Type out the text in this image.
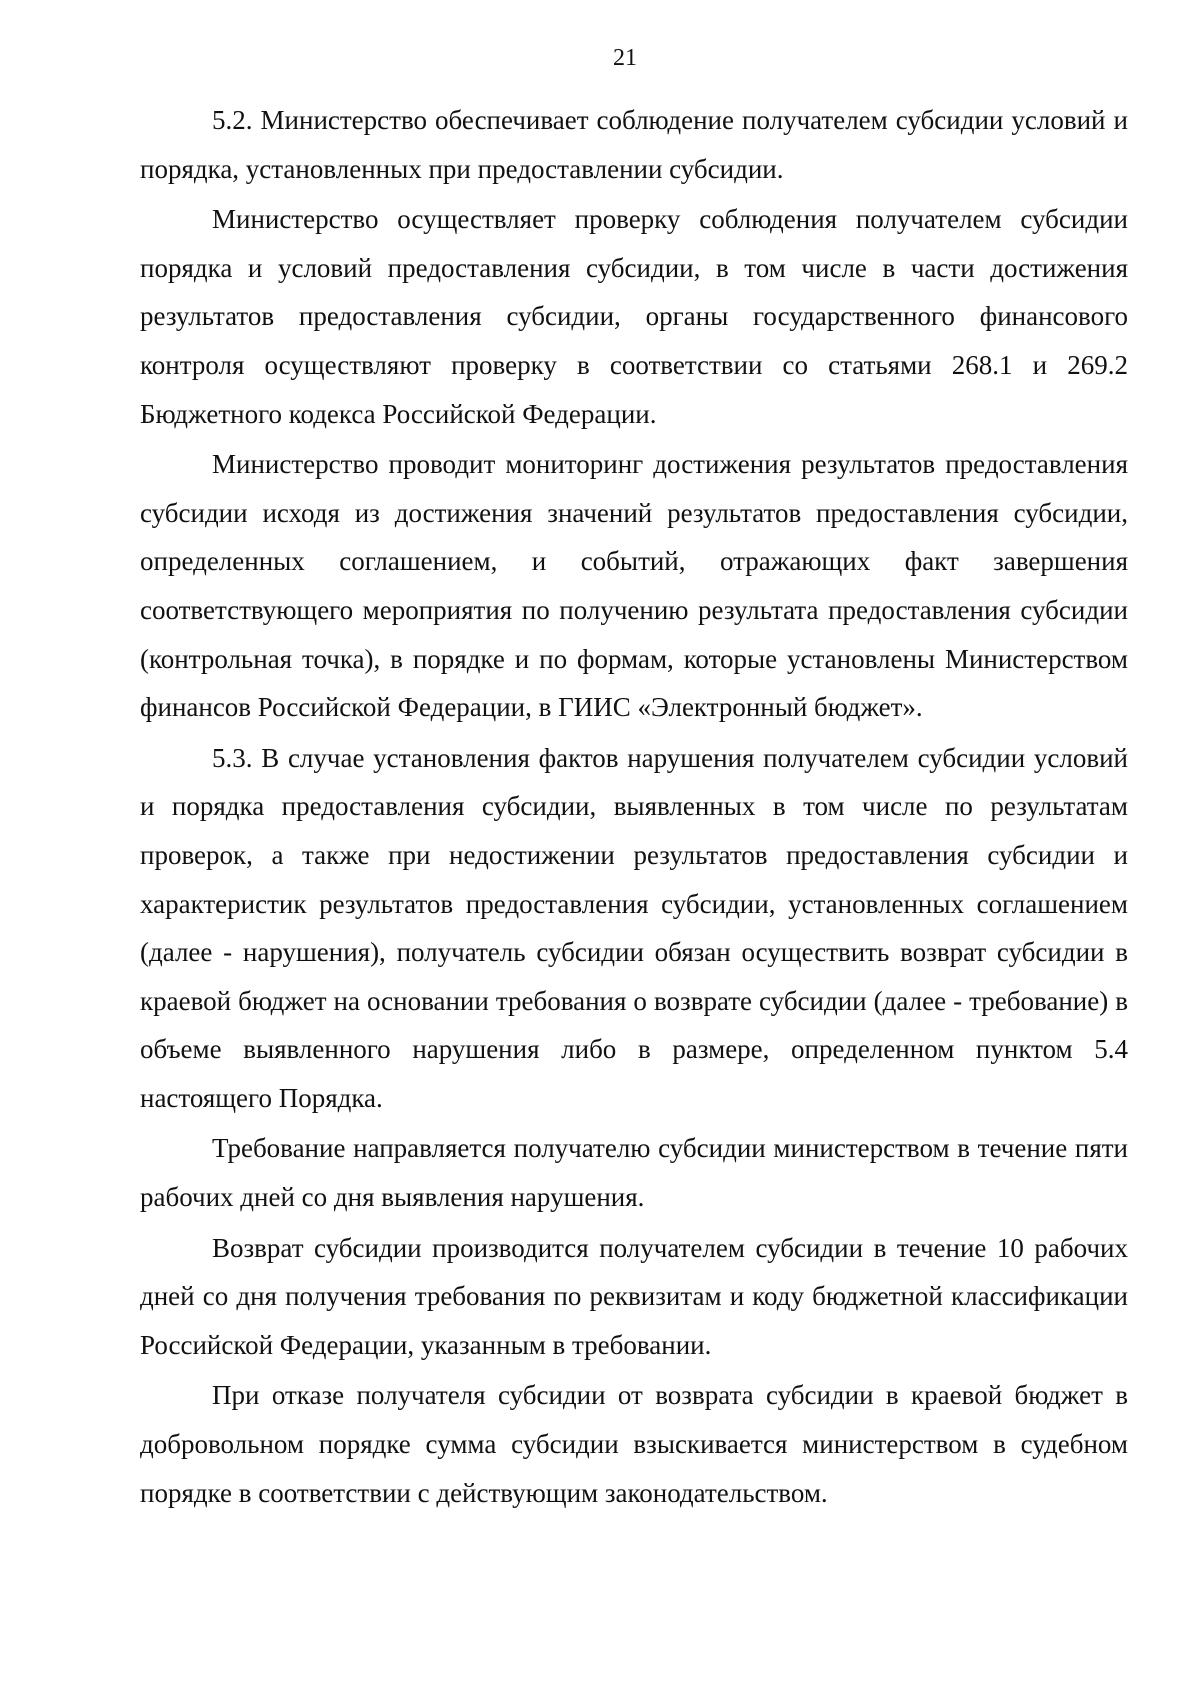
21

5.2. Министерство обеспечивает соблюдение получателем субсидии условий и порядка, установленных при предоставлении субсидии.

Министерство осуществляет проверку соблюдения получателем субсидии порядка и условий предоставления субсидии, в том числе в части достижения результатов предоставления субсидии, органы государственного финансового контроля осуществляют проверку в соответствии со статьями 268.1 и 269.2 Бюджетного кодекса Российской Федерации.

Министерство проводит мониторинг достижения результатов предоставления субсидии исходя из достижения значений результатов предоставления субсидии, определенных соглашением, и событий, отражающих факт завершения соответствующего мероприятия по получению результата предоставления субсидии (контрольная точка), в порядке и по формам, которые установлены Министерством финансов Российской Федерации, в ГИИС «Электронный бюджет».

5.3. В случае установления фактов нарушения получателем субсидии условий и порядка предоставления субсидии, выявленных в том числе по результатам проверок, а также при недостижении результатов предоставления субсидии и характеристик результатов предоставления субсидии, установленных соглашением (далее - нарушения), получатель субсидии обязан осуществить возврат субсидии в краевой бюджет на основании требования о возврате субсидии (далее - требование) в объеме выявленного нарушения либо в размере, определенном пунктом 5.4 настоящего Порядка.

Требование направляется получателю субсидии министерством в течение пяти рабочих дней со дня выявления нарушения.

Возврат субсидии производится получателем субсидии в течение 10 рабочих дней со дня получения требования по реквизитам и коду бюджетной классификации Российской Федерации, указанным в требовании.

При отказе получателя субсидии от возврата субсидии в краевой бюджет в добровольном порядке сумма субсидии взыскивается министерством в судебном порядке в соответствии с действующим законодательством.
